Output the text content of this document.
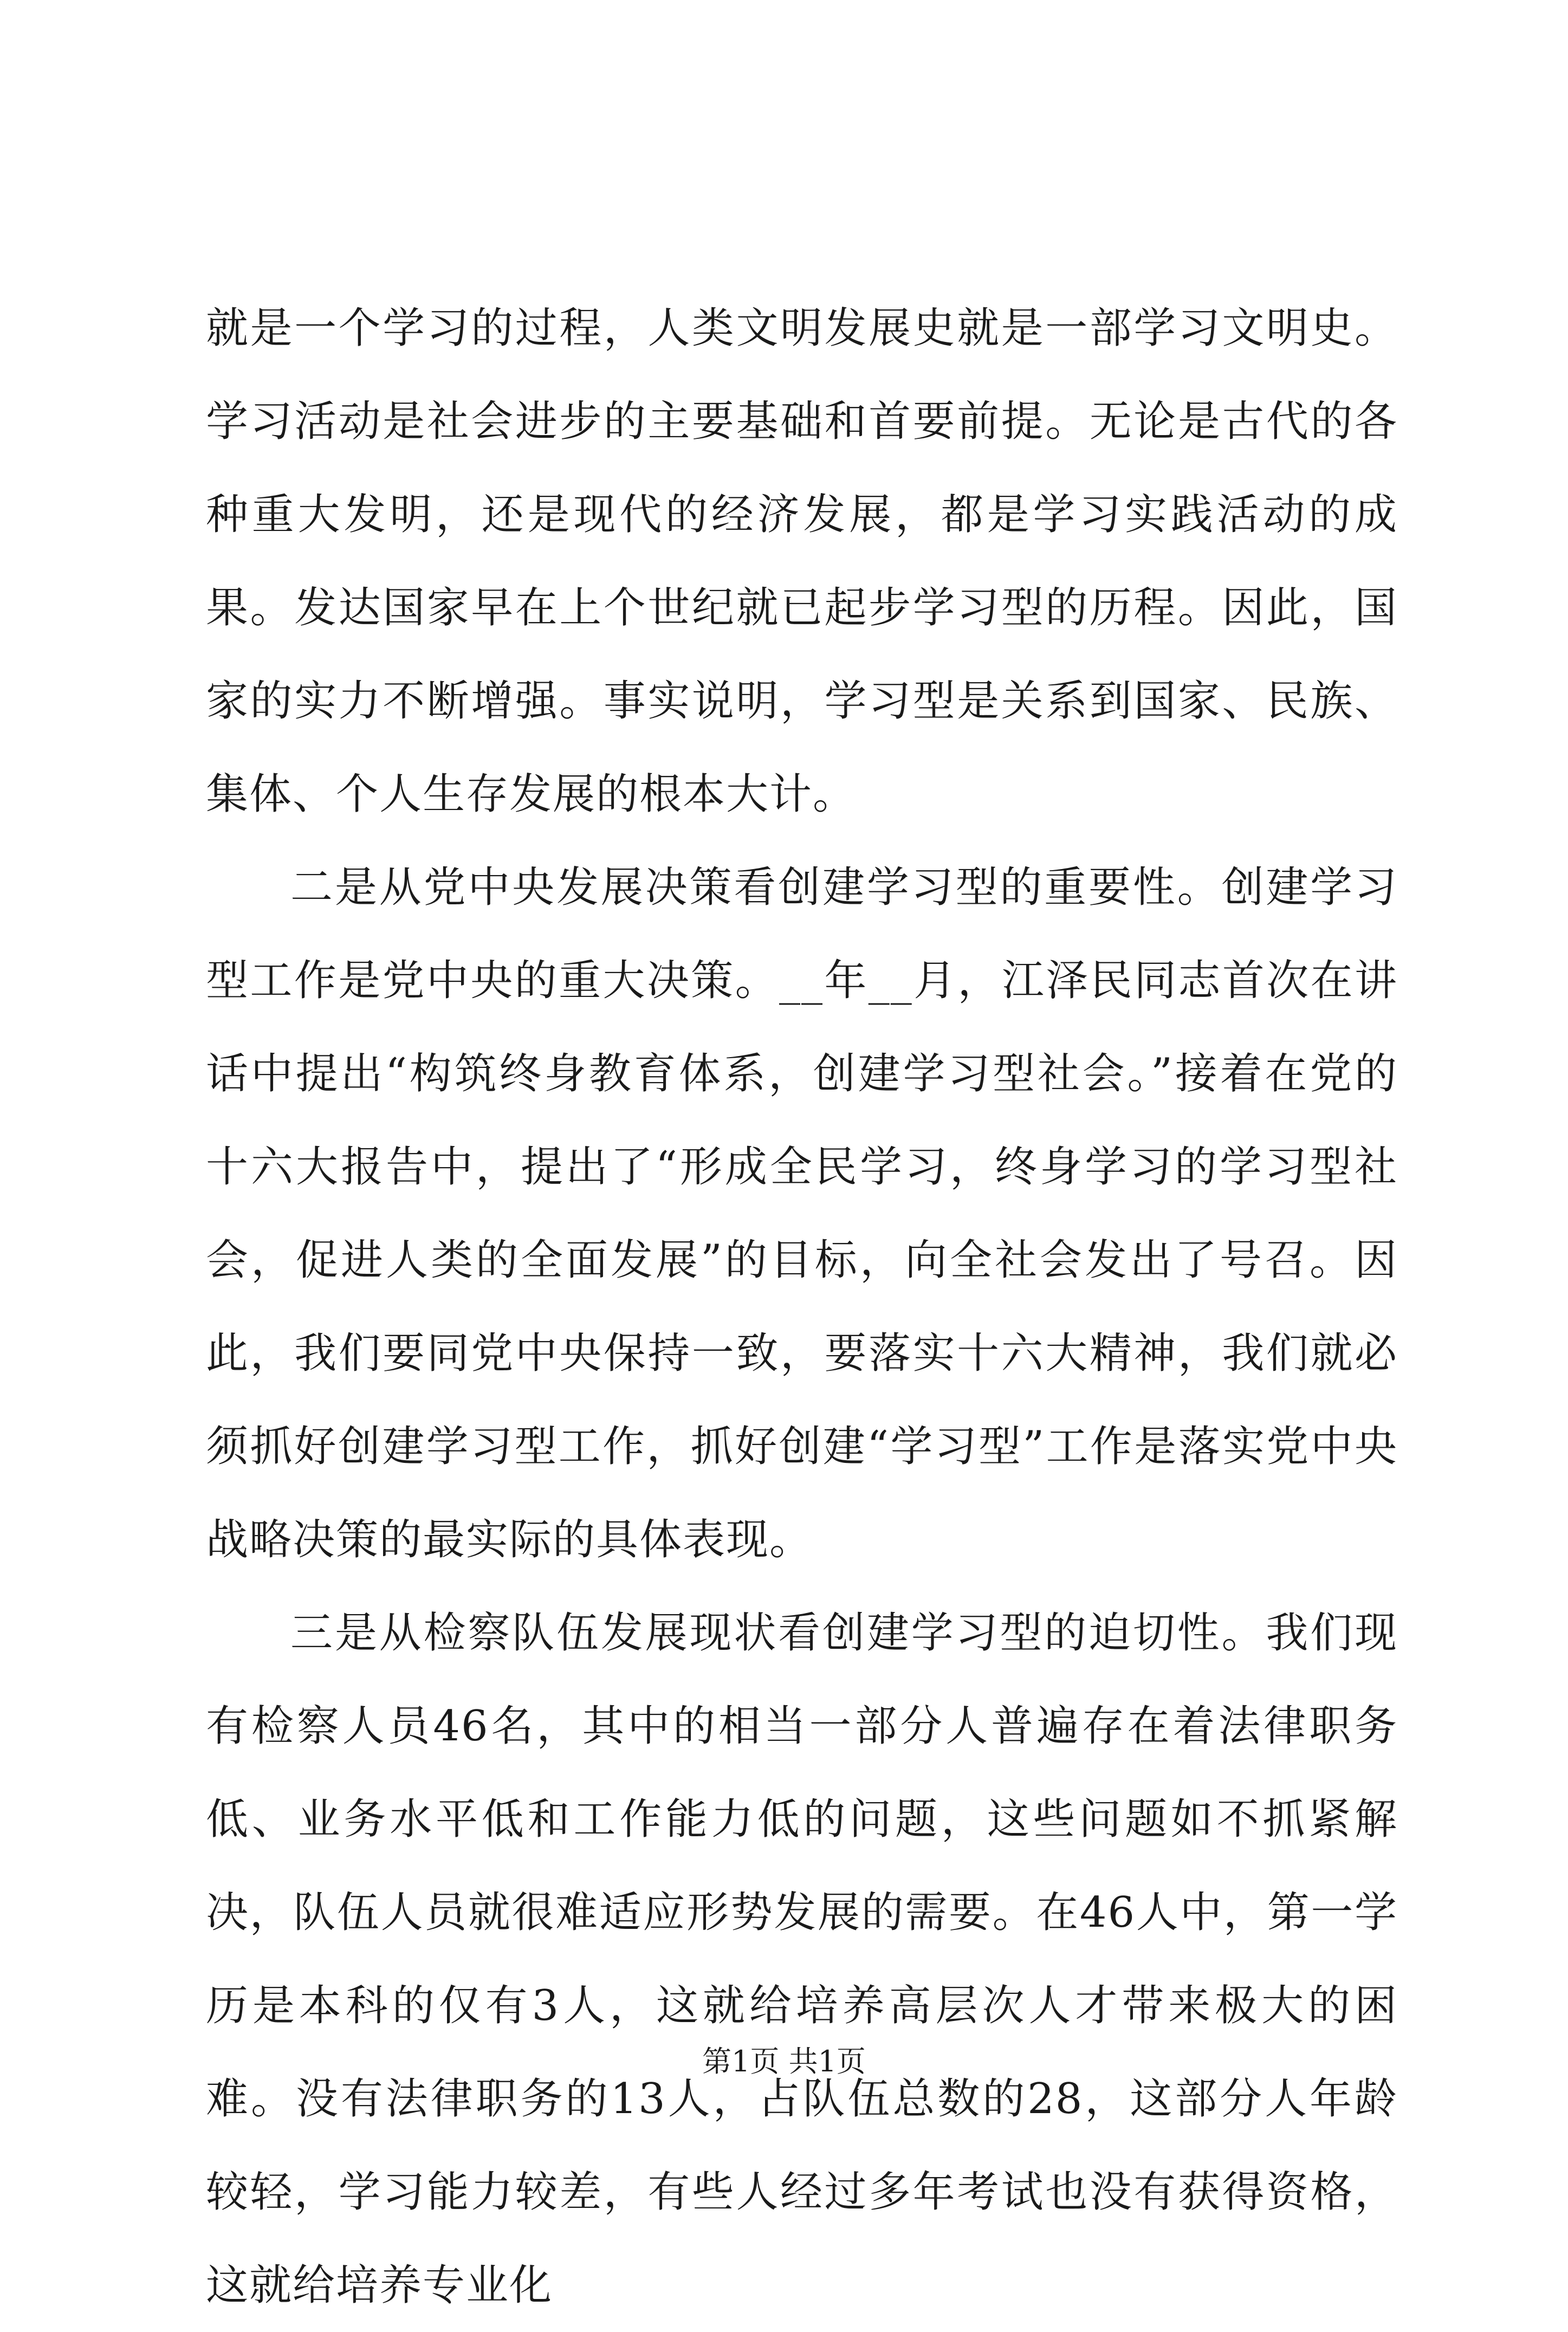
就是一个学习的过程，人类文明发展史就是一部学习文明史。学习活动是社会进步的主要基础和首要前提。无论是古代的各种重大发明，还是现代的经济发展，都是学习实践活动的成果。发达国家早在上个世纪就已起步学习型的历程。因此，国家的实力不断增强。事实说明，学习型是关系到国家、民族、集体、个人生存发展的根本大计。

二是从党中央发展决策看创建学习型的重要性。创建学习型工作是党中央的重大决策。__年__月，江泽民同志首次在讲话中提出“构筑终身教育体系，创建学习型社会。”接着在党的十六大报告中，提出了“形成全民学习，终身学习的学习型社会，促进人类的全面发展”的目标，向全社会发出了号召。因此，我们要同党中央保持一致，要落实十六大精神，我们就必须抓好创建学习型工作，抓好创建“学习型”工作是落实党中央战略决策的最实际的具体表现。

三是从检察队伍发展现状看创建学习型的迫切性。我们现有检察人员46名，其中的相当一部分人普遍存在着法律职务低、业务水平低和工作能力低的问题，这些问题如不抓紧解决，队伍人员就很难适应形势发展的需要。在46人中，第一学历是本科的仅有3人，这就给培养高层次人才带来极大的困难。没有法律职务的13人，占队伍总数的28，这部分人年龄较轻，学习能力较差，有些人经过多年考试也没有获得资格，这就给培养专业化

第1页 共1页
